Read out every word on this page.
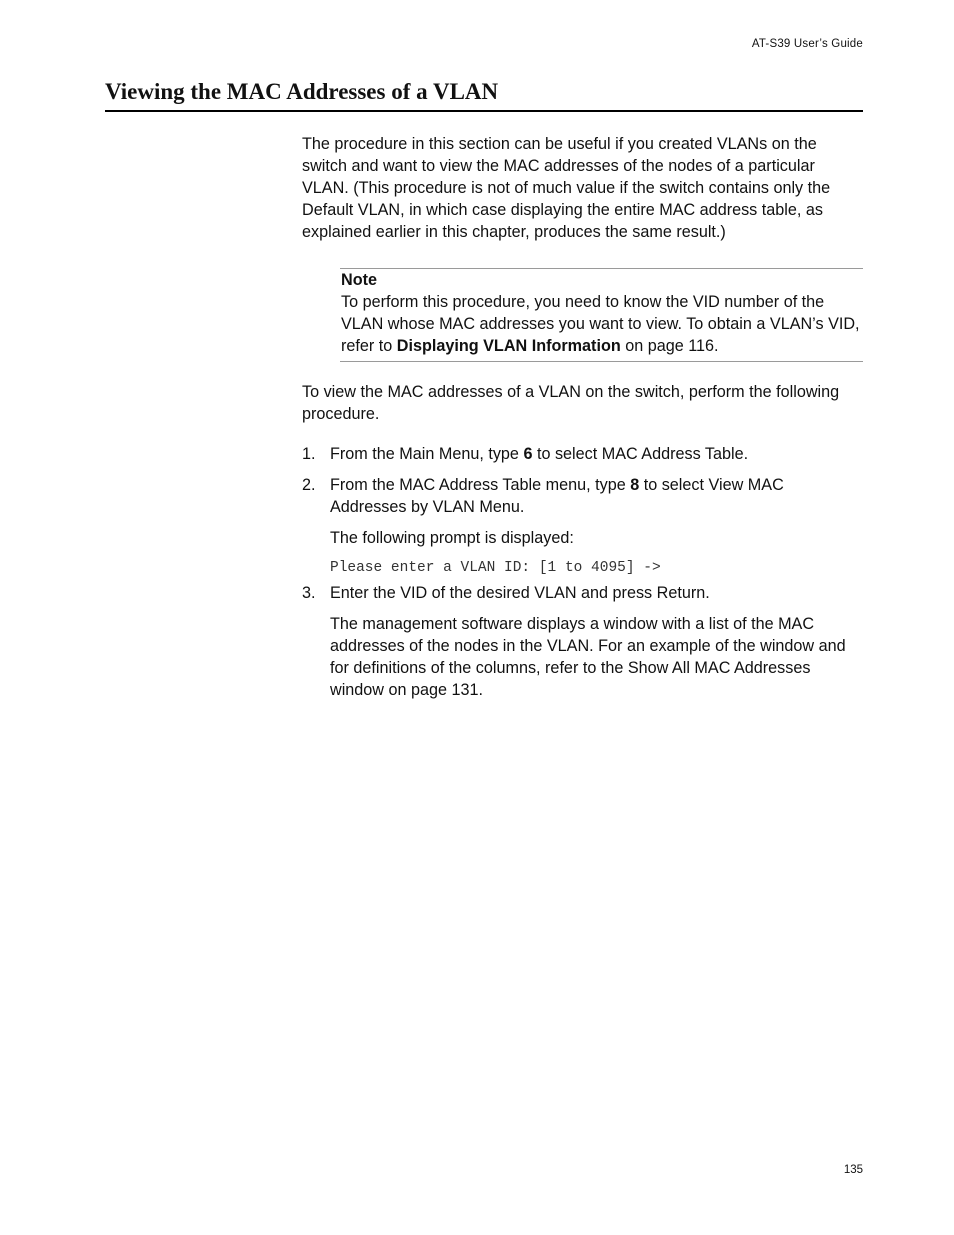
AT-S39 User’s Guide
Viewing the MAC Addresses of a VLAN

The procedure in this section can be useful if you created VLANs on the switch and want to view the MAC addresses of the nodes of a particular VLAN. (This procedure is not of much value if the switch contains only the Default VLAN, in which case displaying the entire MAC address table, as explained earlier in this chapter, produces the same result.)

Note

To perform this procedure, you need to know the VID number of the VLAN whose MAC addresses you want to view. To obtain a VLAN’s VID, refer to Displaying VLAN Information on page 116.

To view the MAC addresses of a VLAN on the switch, perform the following procedure.

1. From the Main Menu, type 6 to select MAC Address Table.

2. From the MAC Address Table menu, type 8 to select View MAC Addresses by VLAN Menu.

The following prompt is displayed:

Please enter a VLAN ID: [1 to 4095] ->
3. Enter the VID of the desired VLAN and press Return.

The management software displays a window with a list of the MAC addresses of the nodes in the VLAN. For an example of the window and for definitions of the columns, refer to the Show All MAC Addresses window on page 131.

135
